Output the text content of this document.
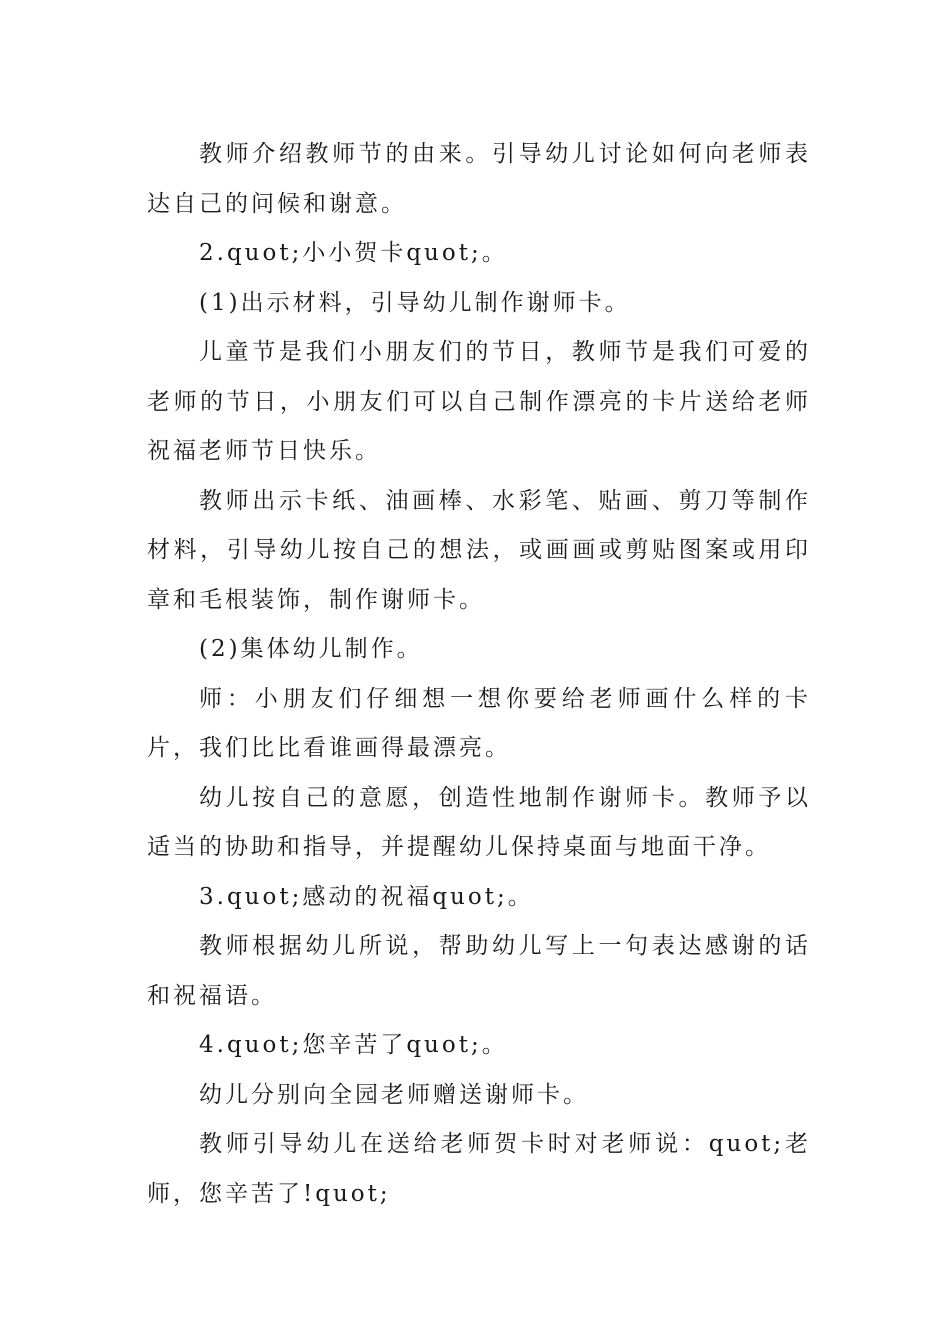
教师介绍教师节的由来。引导幼儿讨论如何向老师表达自己的问候和谢意。

2.quot;小小贺卡quot;。

(1)出示材料，引导幼儿制作谢师卡。

儿童节是我们小朋友们的节日，教师节是我们可爱的老师的节日，小朋友们可以自己制作漂亮的卡片送给老师祝福老师节日快乐。

教师出示卡纸、油画棒、水彩笔、贴画、剪刀等制作材料，引导幼儿按自己的想法，或画画或剪贴图案或用印章和毛根装饰，制作谢师卡。

(2)集体幼儿制作。

师：小朋友们仔细想一想你要给老师画什么样的卡片，我们比比看谁画得最漂亮。

幼儿按自己的意愿，创造性地制作谢师卡。教师予以适当的协助和指导，并提醒幼儿保持桌面与地面干净。

3.quot;感动的祝福quot;。

教师根据幼儿所说，帮助幼儿写上一句表达感谢的话和祝福语。

4.quot;您辛苦了quot;。

幼儿分别向全园老师赠送谢师卡。

教师引导幼儿在送给老师贺卡时对老师说：quot;老师，您辛苦了!quot;
